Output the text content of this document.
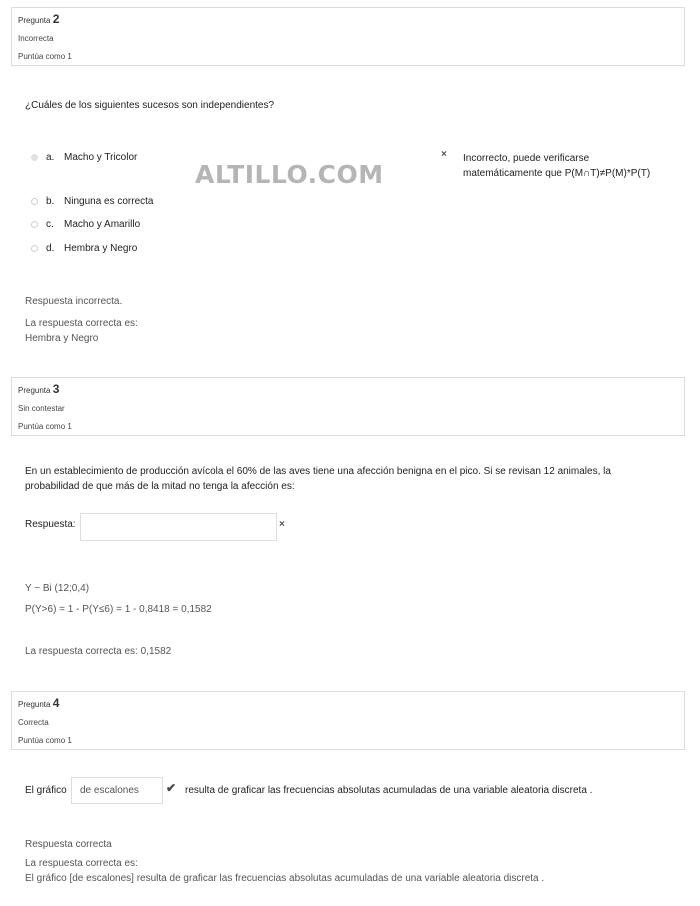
Pregunta 2
Incorrecta
Puntúa como 1
¿Cuáles de los siguientes sucesos son independientes?
a. Macho y Tricolor
b. Ninguna es correcta
c.	Macho y Amarillo
d. Hembra y Negro
× Incorrecto, puede verificarse
matemáticamente que P(M∩T)≠P(M)*P(T)
ALTILLO.COM
Respuesta incorrecta.
La respuesta correcta es:
Hembra y Negro
Pregunta 3
Sin contestar
Puntúa como 1
En un establecimiento de producción avícola el 60% de las aves tiene una afección benigna en el pico. Si se revisan 12 animales, la
probabilidad de que más de la mitad no tenga la afección es:
Respuesta:	×
Y ~ Bi (12;0,4)
P(Y>6) = 1 - P(Y≤6) = 1 - 0,8418 = 0,1582
La respuesta correcta es: 0,1582
Pregunta 4
Correcta
Puntúa como 1
El gráfico	de escalones	✔ resulta de graficar las frecuencias absolutas acumuladas de una variable aleatoria discreta .
Respuesta correcta
La respuesta correcta es:
El gráfico [de escalones] resulta de graficar las frecuencias absolutas acumuladas de una variable aleatoria discreta .
